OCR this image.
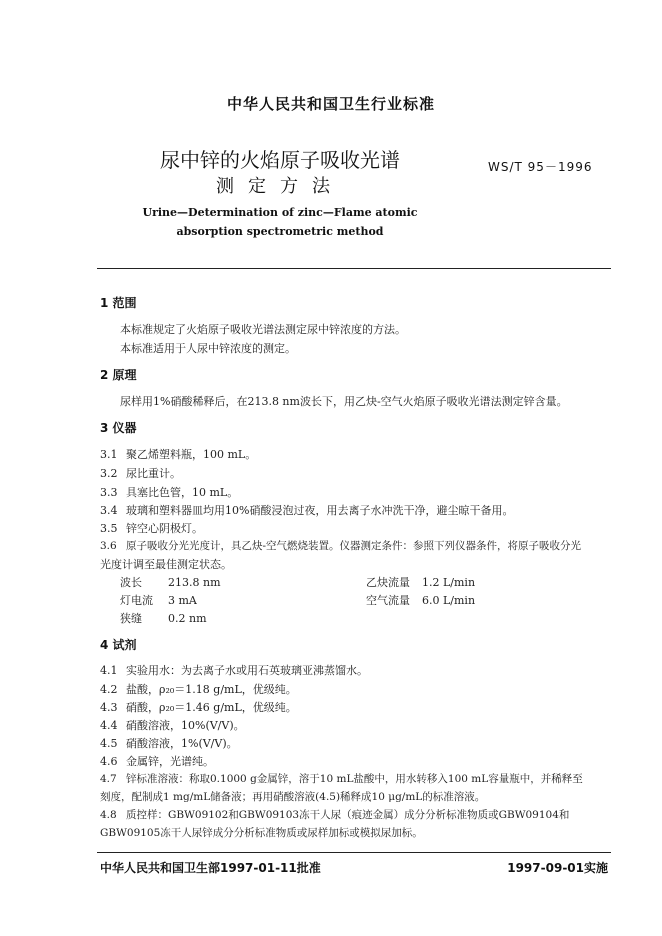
中华人民共和国卫生行业标准
尿中锌的火焰原子吸收光谱
测定方法
WS/T 95－1996
Urine—Determination of zinc—Flame atomic
absorption spectrometric method
1 范围
本标准规定了火焰原子吸收光谱法测定尿中锌浓度的方法。
本标准适用于人尿中锌浓度的测定。
2 原理
尿样用1%硝酸稀释后，在213.8 nm波长下，用乙炔-空气火焰原子吸收光谱法测定锌含量。
3 仪器
3.1 聚乙烯塑料瓶，100 mL。
3.2 尿比重计。
3.3 具塞比色管，10 mL。
3.4 玻璃和塑料器皿均用10%硝酸浸泡过夜，用去离子水冲洗干净，避尘晾干备用。
3.5 锌空心阴极灯。
3.6 原子吸收分光光度计，具乙炔-空气燃烧装置。仪器测定条件：参照下列仪器条件，将原子吸收分光
光度计调至最佳测定状态。
波长 213.8 nm
灯电流 3 mA
狭缝 0.2 nm
乙炔流量 1.2 L/min
空气流量 6.0 L/min
4 试剂
4.1 实验用水：为去离子水或用石英玻璃亚沸蒸馏水。
4.2 盐酸，ρ₂₀＝1.18 g/mL，优级纯。
4.3 硝酸，ρ₂₀＝1.46 g/mL，优级纯。
4.4 硝酸溶液，10%(V/V)。
4.5 硝酸溶液，1%(V/V)。
4.6 金属锌，光谱纯。
4.7 锌标准溶液：称取0.1000 g金属锌，溶于10 mL盐酸中，用水转移入100 mL容量瓶中，并稀释至
刻度，配制成1 mg/mL储备液；再用硝酸溶液(4.5)稀释成10 μg/mL的标准溶液。
4.8 质控样：GBW09102和GBW09103冻干人尿（痕迹金属）成分分析标准物质或GBW09104和
GBW09105冻干人尿锌成分分析标准物质或尿样加标或模拟尿加标。
中华人民共和国卫生部1997-01-11批准	1997-09-01实施
